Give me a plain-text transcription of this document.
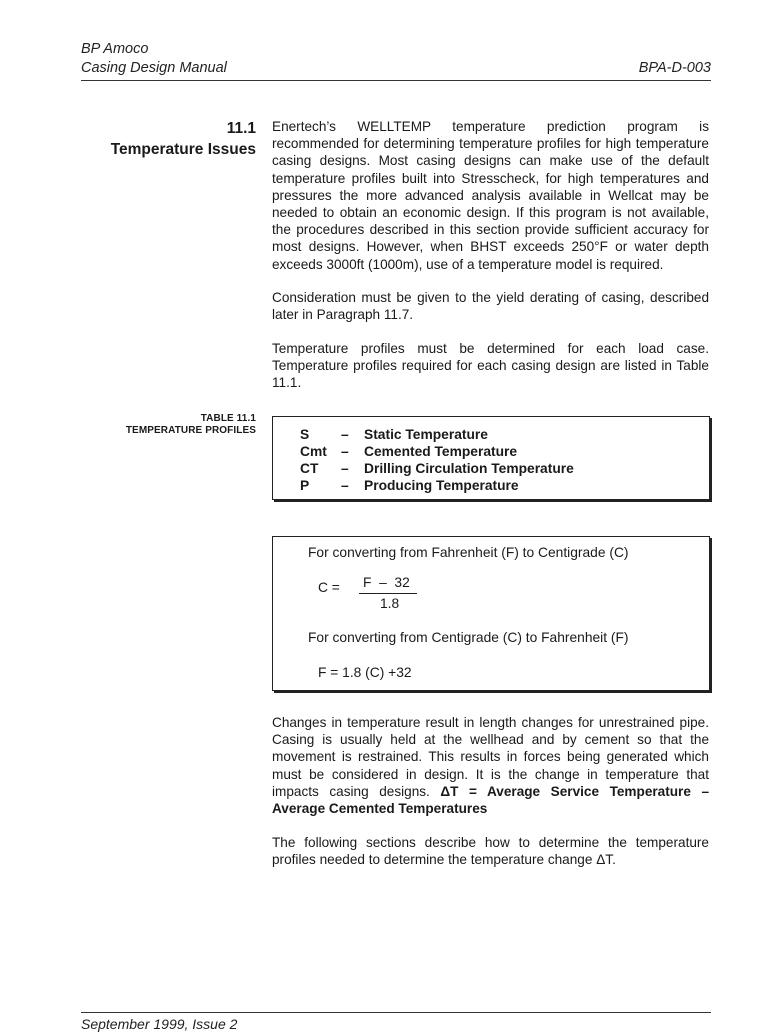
BP Amoco
Casing Design Manual	BPA-D-003
11.1
Temperature Issues

Enertech’s WELLTEMP temperature prediction program is recommended for determining temperature profiles for high temperature casing designs. Most casing designs can make use of the default temperature profiles built into Stresscheck, for high temperatures and pressures the more advanced analysis available in Wellcat may be needed to obtain an economic design. If this program is not available, the procedures described in this section provide sufficient accuracy for most designs. However, when BHST exceeds 250°F or water depth exceeds 3000ft (1000m), use of a temperature model is required.

Consideration must be given to the yield derating of casing, described later in Paragraph 11.7.

Temperature profiles must be determined for each load case. Temperature profiles required for each casing design are listed in Table 11.1.

TABLE 11.1
TEMPERATURE PROFILES	S – Static Temperature
Cmt – Cemented Temperature
CT – Drilling Circulation Temperature
P – Producing Temperature
For converting from Fahrenheit (F) to Centigrade (C)
C = F  –  32
1.8
For converting from Centigrade (C) to Fahrenheit (F)
F = 1.8 (C) +32

Changes in temperature result in length changes for unrestrained pipe. Casing is usually held at the wellhead and by cement so that the movement is restrained. This results in forces being generated which must be considered in design. It is the change in temperature that impacts casing designs. ΔT = Average Service Temperature – Average Cemented Temperatures

The following sections describe how to determine the temperature profiles needed to determine the temperature change ΔT.

September 1999, Issue 2
